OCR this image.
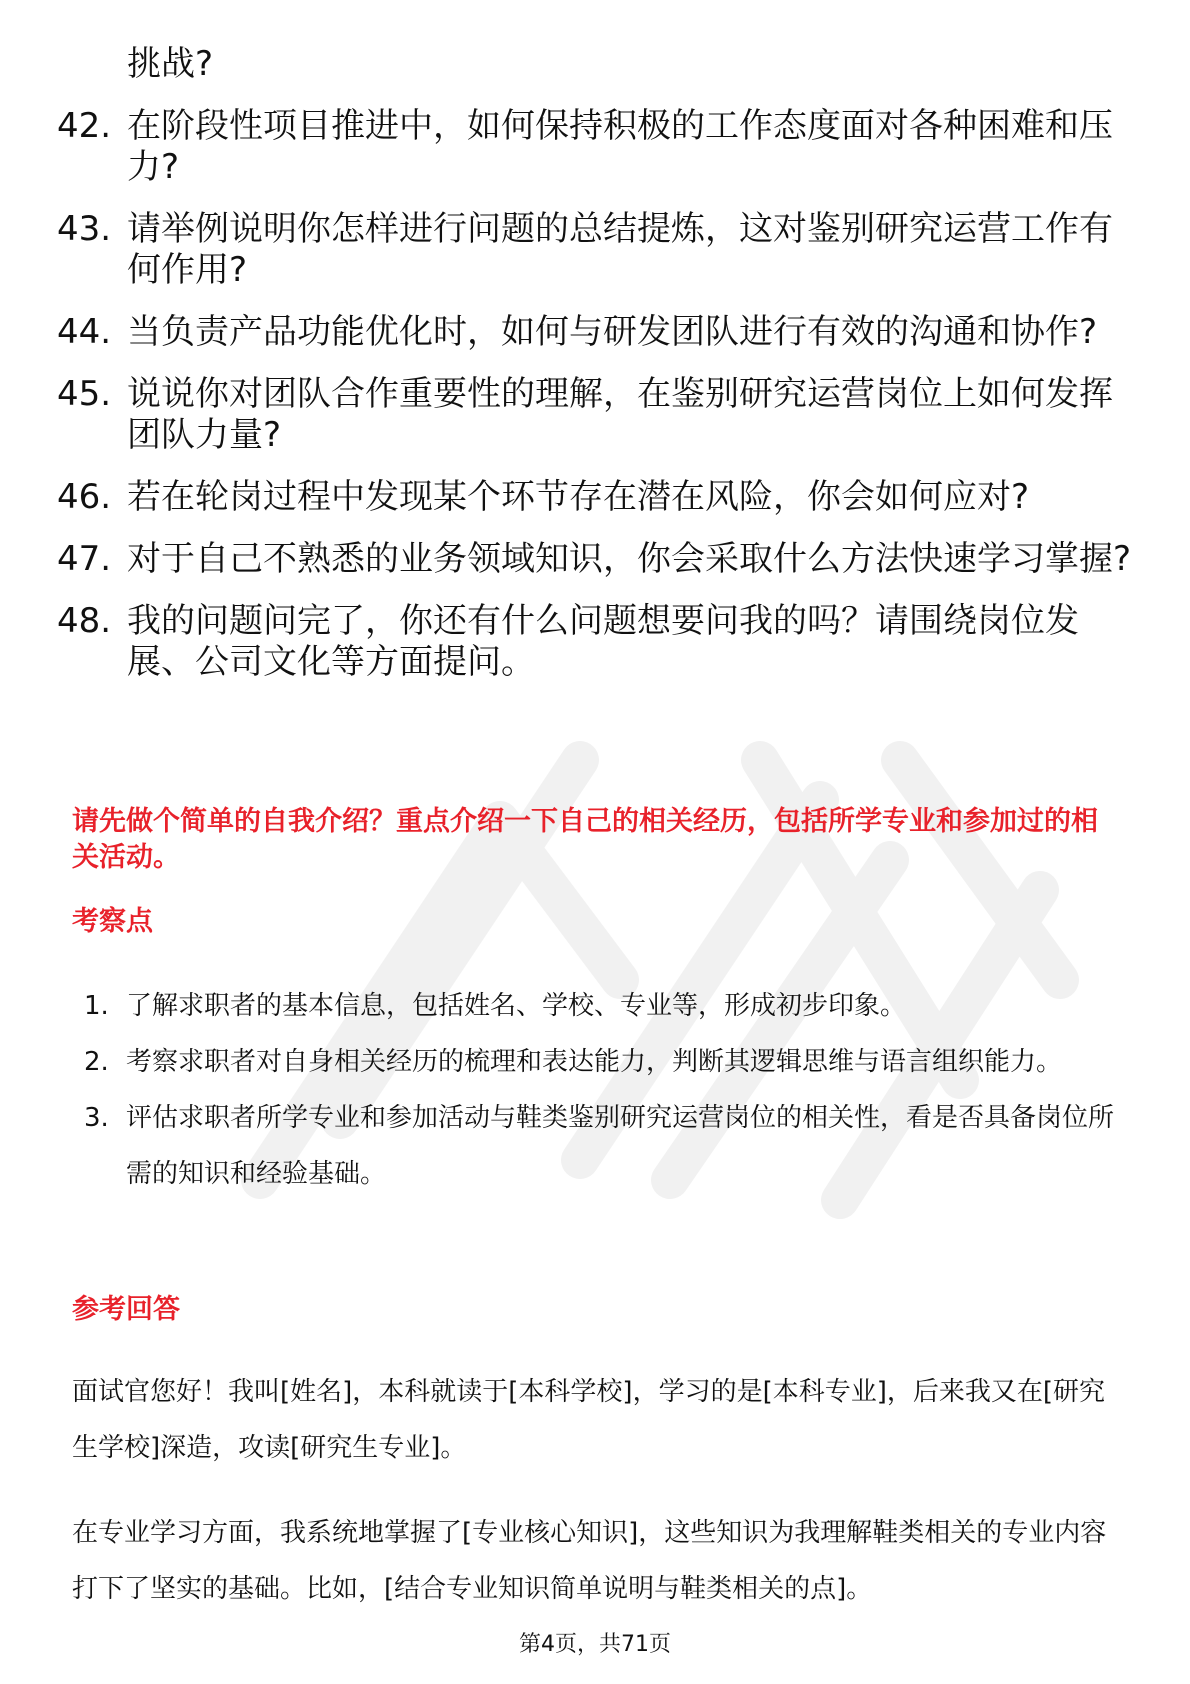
挑战?
42. 在阶段性项目推进中，如何保持积极的工作态度面对各种困难和压力?
43. 请举例说明你怎样进行问题的总结提炼，这对鉴别研究运营工作有何作用?
44. 当负责产品功能优化时，如何与研发团队进行有效的沟通和协作?
45. 说说你对团队合作重要性的理解，在鉴别研究运营岗位上如何发挥团队力量?
46. 若在轮岗过程中发现某个环节存在潜在风险，你会如何应对?
47. 对于自己不熟悉的业务领域知识，你会采取什么方法快速学习掌握?
48. 我的问题问完了，你还有什么问题想要问我的吗？请围绕岗位发展、公司文化等方面提问。
请先做个简单的自我介绍？重点介绍一下自己的相关经历，包括所学专业和参加过的相关活动。
考察点
1. 了解求职者的基本信息，包括姓名、学校、专业等，形成初步印象。
2. 考察求职者对自身相关经历的梳理和表达能力，判断其逻辑思维与语言组织能力。
3. 评估求职者所学专业和参加活动与鞋类鉴别研究运营岗位的相关性，看是否具备岗位所需的知识和经验基础。
参考回答
面试官您好！我叫[姓名]，本科就读于[本科学校]，学习的是[本科专业]，后来我又在[研究生学校]深造，攻读[研究生专业]。
在专业学习方面，我系统地掌握了[专业核心知识]，这些知识为我理解鞋类相关的专业内容打下了坚实的基础。比如，[结合专业知识简单说明与鞋类相关的点]。
第4页，共71页
